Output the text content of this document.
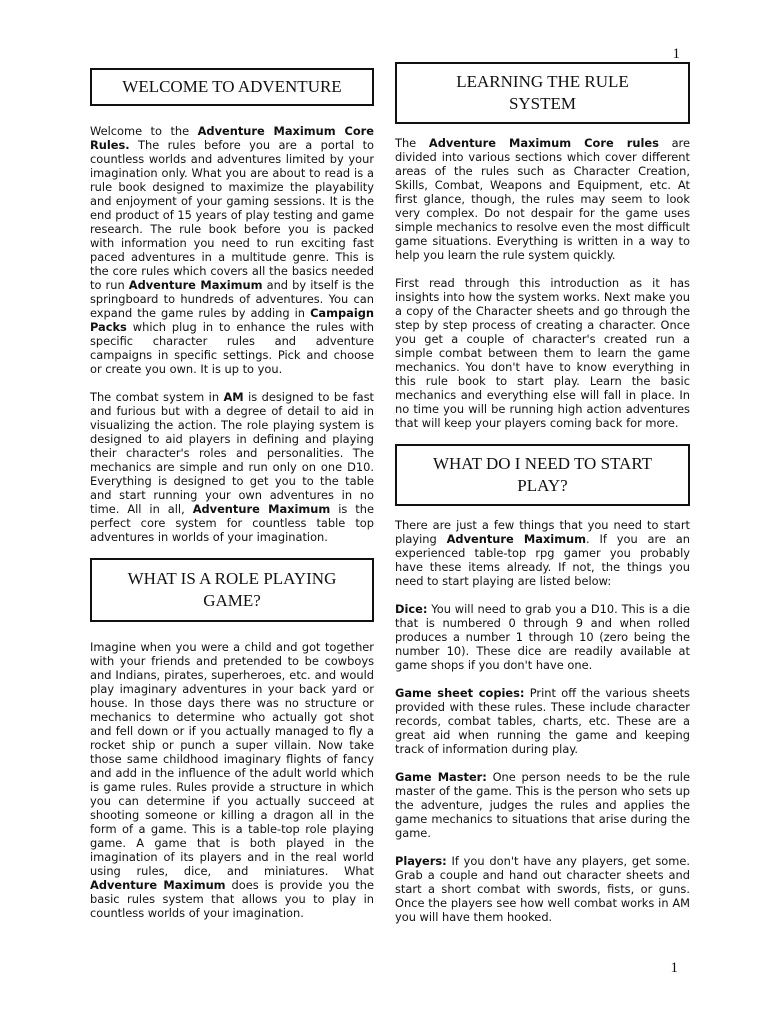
1
WELCOME TO ADVENTURE

Welcome to the Adventure Maximum Core Rules. The rules before you are a portal to countless worlds and adventures limited by your imagination only. What you are about to read is a rule book designed to maximize the playability and enjoyment of your gaming sessions. It is the end product of 15 years of play testing and game research. The rule book before you is packed with information you need to run exciting fast paced adventures in a multitude genre. This is the core rules which covers all the basics needed to run Adventure Maximum and by itself is the springboard to hundreds of adventures. You can expand the game rules by adding in Campaign Packs which plug in to enhance the rules with specific character rules and adventure campaigns in specific settings. Pick and choose or create you own. It is up to you.

The combat system in AM is designed to be fast and furious but with a degree of detail to aid in visualizing the action. The role playing system is designed to aid players in defining and playing their character's roles and personalities. The mechanics are simple and run only on one D10. Everything is designed to get you to the table and start running your own adventures in no time. All in all, Adventure Maximum is the perfect core system for countless table top adventures in worlds of your imagination.

WHAT IS A ROLE PLAYING
GAME?

Imagine when you were a child and got together with your friends and pretended to be cowboys and Indians, pirates, superheroes, etc. and would play imaginary adventures in your back yard or house. In those days there was no structure or mechanics to determine who actually got shot and fell down or if you actually managed to fly a rocket ship or punch a super villain. Now take those same childhood imaginary flights of fancy and add in the influence of the adult world which is game rules. Rules provide a structure in which you can determine if you actually succeed at shooting someone or killing a dragon all in the form of a game. This is a table-top role playing game. A game that is both played in the imagination of its players and in the real world using rules, dice, and miniatures. What Adventure Maximum does is provide you the basic rules system that allows you to play in countless worlds of your imagination.

LEARNING THE RULE
SYSTEM

The Adventure Maximum Core rules are divided into various sections which cover different areas of the rules such as Character Creation, Skills, Combat, Weapons and Equipment, etc. At first glance, though, the rules may seem to look very complex. Do not despair for the game uses simple mechanics to resolve even the most difficult game situations. Everything is written in a way to help you learn the rule system quickly.

First read through this introduction as it has insights into how the system works. Next make you a copy of the Character sheets and go through the step by step process of creating a character. Once you get a couple of character's created run a simple combat between them to learn the game mechanics. You don't have to know everything in this rule book to start play. Learn the basic mechanics and everything else will fall in place. In no time you will be running high action adventures that will keep your players coming back for more.

WHAT DO I NEED TO START
PLAY?

There are just a few things that you need to start playing Adventure Maximum. If you are an experienced table-top rpg gamer you probably have these items already. If not, the things you need to start playing are listed below:

Dice: You will need to grab you a D10. This is a die that is numbered 0 through 9 and when rolled produces a number 1 through 10 (zero being the number 10). These dice are readily available at game shops if you don't have one.

Game sheet copies: Print off the various sheets provided with these rules. These include character records, combat tables, charts, etc. These are a great aid when running the game and keeping track of information during play.

Game Master: One person needs to be the rule master of the game. This is the person who sets up the adventure, judges the rules and applies the game mechanics to situations that arise during the game.

Players: If you don't have any players, get some. Grab a couple and hand out character sheets and start a short combat with swords, fists, or guns. Once the players see how well combat works in AM you will have them hooked.

1
